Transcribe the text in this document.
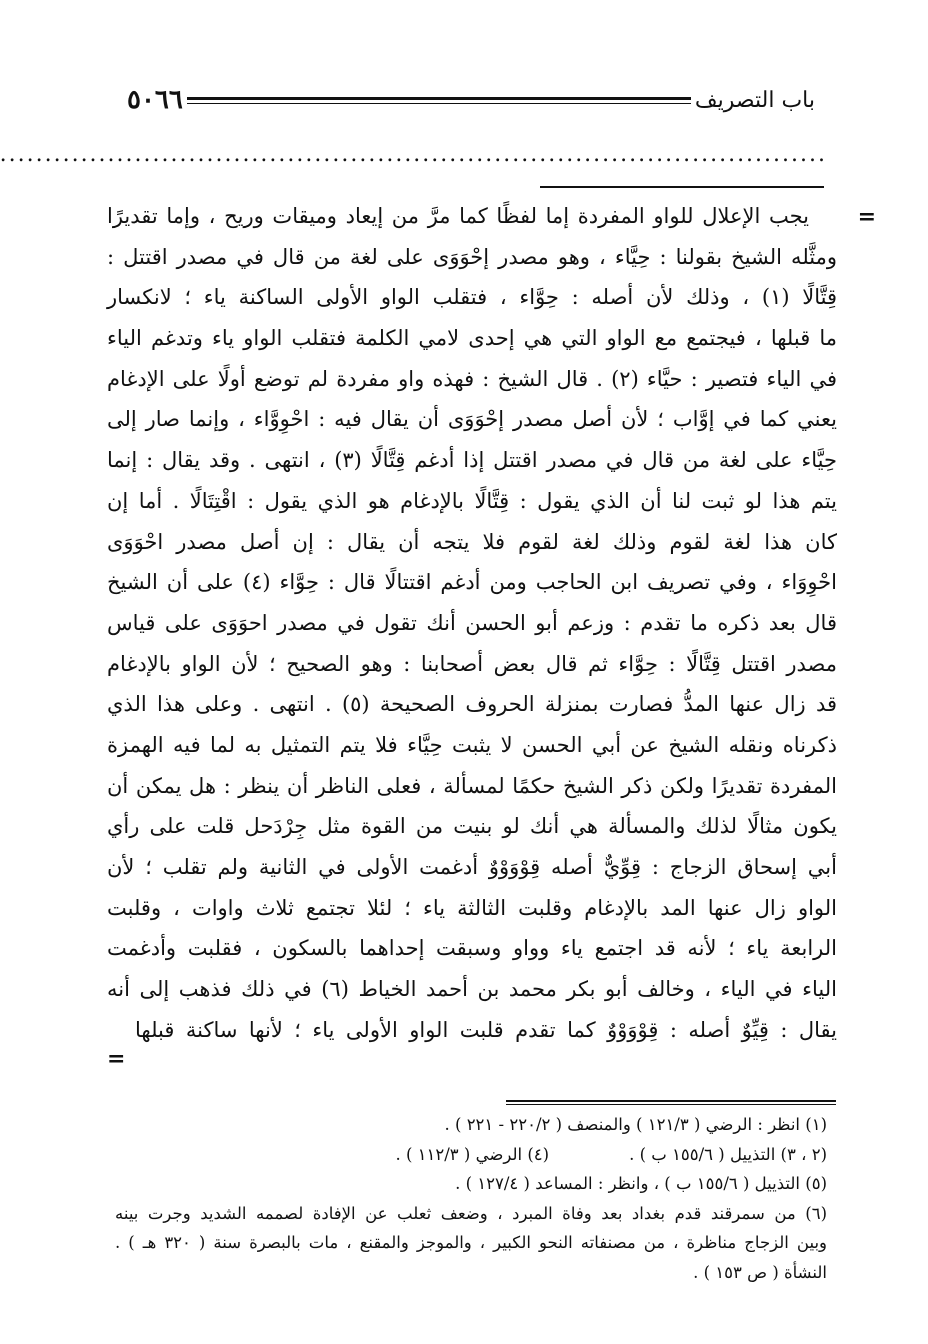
باب التصريف
٥٠٦٦
............................................................................................
=
يجب الإعلال للواو المفردة إما لفظًا كما مرَّ من إيعاد وميقات وريح ، وإما تقديرًا
ومثَّله الشيخ بقولنا : حِيَّاء ، وهو مصدر إحْوَوَى على لغة من قال في مصدر اقتتل :
قِتَّالًا (١) ، وذلك لأن أصله : حِوَّاء ، فتقلب الواو الأولى الساكنة ياء ؛ لانكسار
ما قبلها ، فيجتمع مع الواو التي هي إحدى لامي الكلمة فتقلب الواو ياء وتدغم الياء
في الياء فتصير : حيَّاء (٢) . قال الشيخ : فهذه واو مفردة لم توضع أولًا على الإدغام
يعني كما في إوَّاب ؛ لأن أصل مصدر إحْوَوَى أن يقال فيه : احْوِوَّاء ، وإنما صار إلى
حِيَّاء على لغة من قال في مصدر اقتتل إذا أدغم قِتَّالًا (٣) ، انتهى . وقد يقال : إنما
يتم هذا لو ثبت لنا أن الذي يقول : قِتَّالًا بالإدغام هو الذي يقول : اقْتِتَالًا . أما إن
كان هذا لغة لقوم وذلك لغة لقوم فلا يتجه أن يقال : إن أصل مصدر احْوَوَى
احْوِوَاء ، وفي تصريف ابن الحاجب ومن أدغم اقتتالًا قال : حِوَّاء (٤) على أن الشيخ
قال بعد ذكره ما تقدم : وزعم أبو الحسن أنك تقول في مصدر احوَوَى على قياس
مصدر اقتتل قِتَّالًا : حِوَّاء ثم قال بعض أصحابنا : وهو الصحيح ؛ لأن الواو بالإدغام
قد زال عنها المدُّ فصارت بمنزلة الحروف الصحيحة (٥) . انتهى . وعلى هذا الذي
ذكرناه ونقله الشيخ عن أبي الحسن لا يثبت حِيَّاء فلا يتم التمثيل به لما فيه الهمزة
المفردة تقديرًا ولكن ذكر الشيخ حكمًا لمسألة ، فعلى الناظر أن ينظر : هل يمكن أن
يكون مثالًا لذلك والمسألة هي أنك لو بنيت من القوة مثل جِرْدَحل قلت على رأي
أبي إسحاق الزجاج : قِوِّيٌّ أصله قِوْوَوْوٌ أدغمت الأولى في الثانية ولم تقلب ؛ لأن
الواو زال عنها المد بالإدغام وقلبت الثالثة ياء ؛ لئلا تجتمع ثلاث واوات ، وقلبت
الرابعة ياء ؛ لأنه قد اجتمع ياء وواو وسبقت إحداهما بالسكون ، فقلبت وأدغمت
الياء في الياء ، وخالف أبو بكر محمد بن أحمد الخياط (٦) في ذلك فذهب إلى أنه
يقال : قِيِّوٌ أصله : قِوْوَوْوٌ كما تقدم قلبت الواو الأولى ياء ؛ لأنها ساكنة قبلها
=
(١) انظر : الرضي ( ١٢١/٣ ) والمنصف ( ٢٢٠/٢ - ٢٢١ ) .
(٢ ، ٣) التذييل ( ١٥٥/٦ ب ) .
(٤) الرضي ( ١١٢/٣ ) .
(٥) التذييل ( ١٥٥/٦ ب ) ، وانظر : المساعد ( ١٢٧/٤ ) .
(٦) من سمرقند قدم بغداد بعد وفاة المبرد ، وضعف ثعلب عن الإفادة لصممه الشديد وجرت بينه
وبين الزجاج مناظرة ، من مصنفاته النحو الكبير ، والموجز والمقنع ، مات بالبصرة سنة ( ٣٢٠ هـ ) .
النشأة ( ص ١٥٣ ) .
